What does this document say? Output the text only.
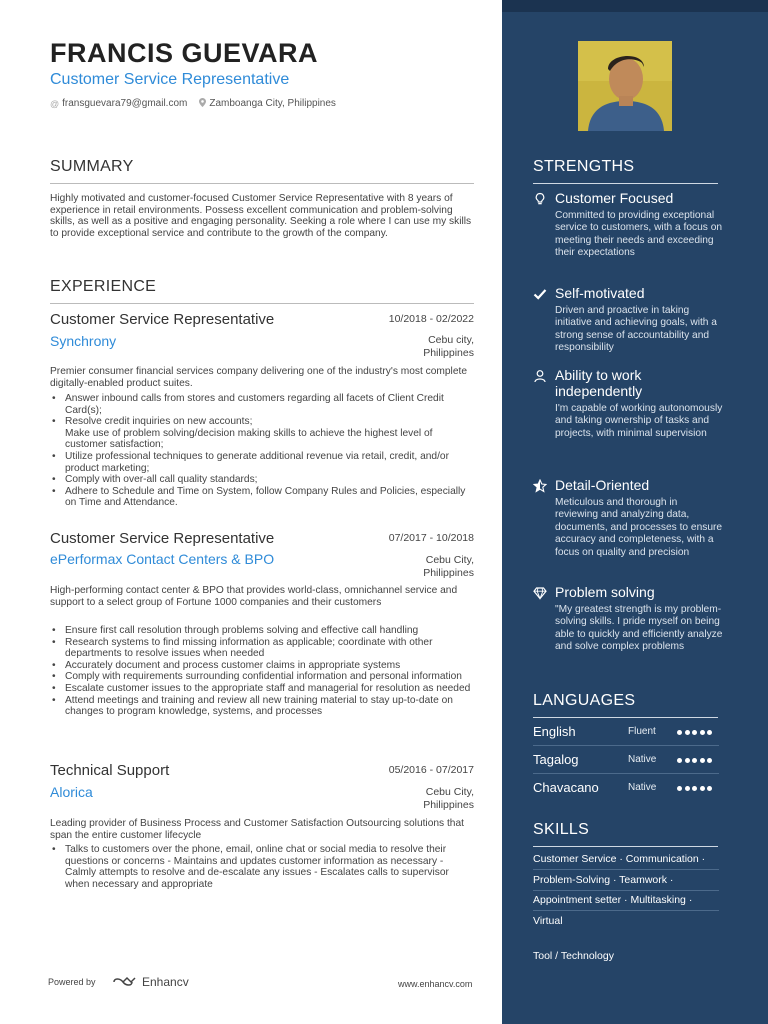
FRANCIS GUEVARA
Customer Service Representative
@ fransguevara79@gmail.com Zamboanga City, Philippines
SUMMARY
Highly motivated and customer-focused Customer Service Representative with 8 years of experience in retail environments. Possess excellent communication and problem-solving skills, as well as a positive and engaging personality. Seeking a role where I can use my skills to provide exceptional service and contribute to the growth of the company.
EXPERIENCE
Customer Service Representative	10/2018 - 02/2022
Synchrony	Cebu city,
Philippines
Premier consumer financial services company delivering one of the industry's most complete digitally-enabled product suites.
• Answer inbound calls from stores and customers regarding all facets of Client Credit Card(s);
• Resolve credit inquiries on new accounts;
Make use of problem solving/decision making skills to achieve the highest level of customer satisfaction;
• Utilize professional techniques to generate additional revenue via retail, credit, and/or product marketing;
• Comply with over-all call quality standards;
• Adhere to Schedule and Time on System, follow Company Rules and Policies, especially on Time and Attendance.
Customer Service Representative	07/2017 - 10/2018
ePerformax Contact Centers & BPO	Cebu City,
Philippines
High-performing contact center & BPO that provides world-class, omnichannel service and support to a select group of Fortune 1000 companies and their customers
• Ensure first call resolution through problems solving and effective call handling
• Research systems to find missing information as applicable; coordinate with other departments to resolve issues when needed
• Accurately document and process customer claims in appropriate systems
• Comply with requirements surrounding confidential information and personal information
• Escalate customer issues to the appropriate staff and managerial for resolution as needed
• Attend meetings and training and review all new training material to stay up-to-date on changes to program knowledge, systems, and processes
Technical Support	05/2016 - 07/2017
Alorica	Cebu City,
Philippines
Leading provider of Business Process and Customer Satisfaction Outsourcing solutions that span the entire customer lifecycle
• Talks to customers over the phone, email, online chat or social media to resolve their questions or concerns - Maintains and updates customer information as necessary - Calmly attempts to resolve and de-escalate any issues - Escalates calls to supervisor when necessary and appropriate
Powered by	Enhancv	www.enhancv.com
STRENGTHS
Customer Focused
Committed to providing exceptional service to customers, with a focus on meeting their needs and exceeding their expectations
Self-motivated
Driven and proactive in taking initiative and achieving goals, with a strong sense of accountability and responsibility
Ability to work independently
I'm capable of working autonomously and taking ownership of tasks and projects, with minimal supervision
Detail-Oriented
Meticulous and thorough in reviewing and analyzing data, documents, and processes to ensure accuracy and completeness, with a focus on quality and precision
Problem solving
"My greatest strength is my problem-solving skills. I pride myself on being able to quickly and efficiently analyze and solve complex problems
LANGUAGES
English	Fluent
Tagalog	Native
Chavacano	Native
SKILLS
Customer Service · Communication ·
Problem-Solving · Teamwork ·
Appointment setter · Multitasking ·
Virtual
Tool / Technology
